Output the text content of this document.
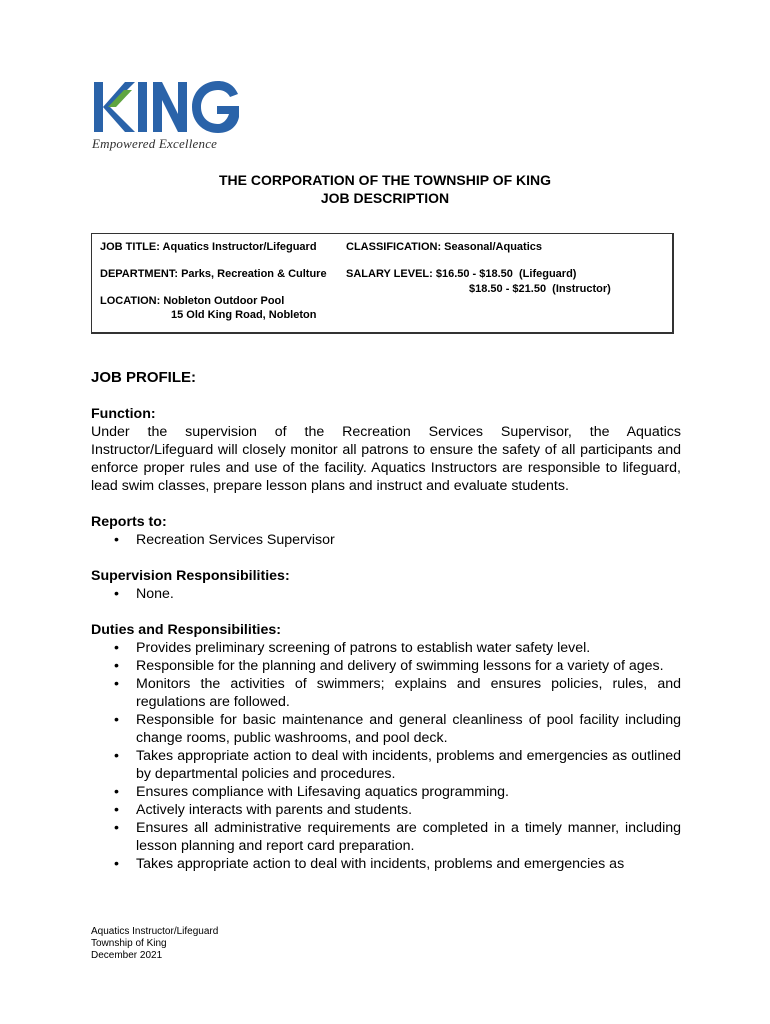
Empowered Excellence
THE CORPORATION OF THE TOWNSHIP OF KING
JOB DESCRIPTION
JOB TITLE: Aquatics Instructor/Lifeguard	CLASSIFICATION: Seasonal/Aquatics
DEPARTMENT: Parks, Recreation & Culture SALARY LEVEL: $16.50 - $18.50  (Lifeguard)
$18.50 - $21.50  (Instructor)
LOCATION: Nobleton Outdoor Pool
15 Old King Road, Nobleton
JOB PROFILE:
Function:
Under the supervision of the Recreation Services Supervisor, the Aquatics Instructor/Lifeguard will closely monitor all patrons to ensure the safety of all participants and enforce proper rules and use of the facility. Aquatics Instructors are responsible to lifeguard, lead swim classes, prepare lesson plans and instruct and evaluate students.
Reports to:
• Recreation Services Supervisor
Supervision Responsibilities:
• None.
Duties and Responsibilities:
• Provides preliminary screening of patrons to establish water safety level.
• Responsible for the planning and delivery of swimming lessons for a variety of ages.
• Monitors the activities of swimmers; explains and ensures policies, rules, and regulations are followed.
• Responsible for basic maintenance and general cleanliness of pool facility including change rooms, public washrooms, and pool deck.
• Takes appropriate action to deal with incidents, problems and emergencies as outlined by departmental policies and procedures.
• Ensures compliance with Lifesaving aquatics programming.
• Actively interacts with parents and students.
• Ensures all administrative requirements are completed in a timely manner, including lesson planning and report card preparation.
• Takes appropriate action to deal with incidents, problems and emergencies as
Aquatics Instructor/Lifeguard
Township of King
December 2021
